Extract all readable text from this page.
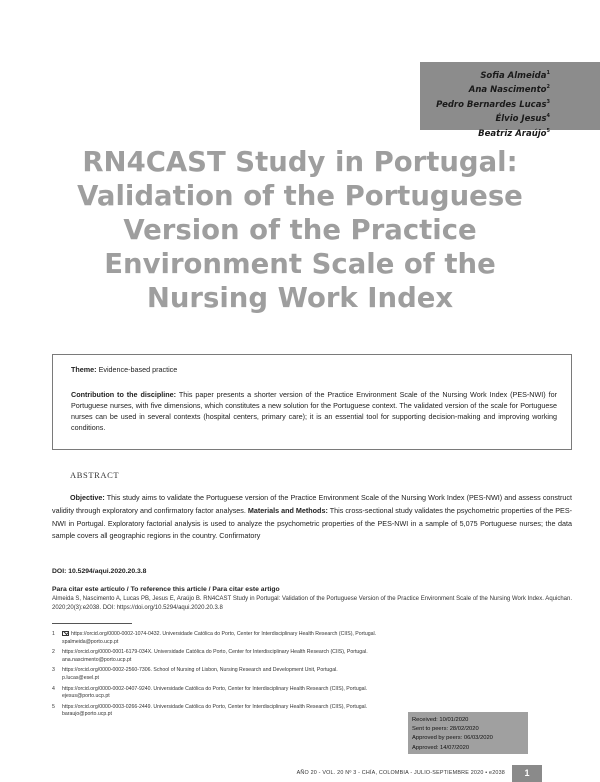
Sofia Almeida$^1$
Ana Nascimento$^2$
Pedro Bernardes Lucas$^3$
Élvio Jesus$^4$
Beatriz Araújo$^5$
RN4CAST Study in Portugal:
Validation of the Portuguese
Version of the Practice
Environment Scale of the
Nursing Work Index
Theme: Evidence-based practice
Contribution to the discipline: This paper presents a shorter version of the Practice Environment Scale of the Nursing Work Index (PES-NWI) for Portuguese nurses, with five dimensions, which constitutes a new solution for the Portuguese context. The validated version of the scale for Portuguese nurses can be used in several contexts (hospital centers, primary care); it is an essential tool for supporting decision-making and improving working conditions.
ABSTRACT
Objective: This study aims to validate the Portuguese version of the Practice Environment Scale of the Nursing Work Index (PES-NWI) and assess construct validity through exploratory and confirmatory factor analyses. Materials and Methods: This cross-sectional study validates the psychometric properties of the PES-NWI in Portugal. Exploratory factorial analysis is used to analyze the psychometric properties of the PES-NWI in a sample of 5,075 Portuguese nurses; the data sample covers all geographic regions in the country. Confirmatory
DOI: 10.5294/aqui.2020.20.3.8
Para citar este artículo / To reference this article / Para citar este artigo
Almeida S, Nascimento A, Lucas PB, Jesus E, Araújo B. RN4CAST Study in Portugal: Validation of the Portuguese Version of the Practice Environment Scale of the Nursing Work Index. Aquichan. 2020;20(3):e2038. DOI: https://doi.org/10.5294/aqui.2020.20.3.8
1	https://orcid.org/0000-0002-1074-0432. Universidade Católica do Porto, Center for Interdisciplinary Health Research (CIIS), Portugal.
spalmeida@porto.ucp.pt
2	https://orcid.org/0000-0001-6179-034X. Universidade Católica do Porto, Center for Interdisciplinary Health Research (CIIS), Portugal.
ana.nascimento@porto.ucp.pt
3	https://orcid.org/0000-0002-2560-7306. School of Nursing of Lisbon, Nursing Research and Development Unit, Portugal.
p.lucas@esel.pt
4	https://orcid.org/0000-0002-0407-9240. Universidade Católica do Porto, Center for Interdisciplinary Health Research (CIIS), Portugal.
ejesus@porto.ucp.pt
5	https://orcid.org/0000-0003-0266-2449. Universidade Católica do Porto, Center for Interdisciplinary Health Research (CIIS), Portugal.
baraujo@porto.ucp.pt
Received: 10/01/2020
Sent to peers: 28/02/2020
Approved by peers: 06/03/2020
Approved: 14/07/2020
AÑO 20 - VOL. 20 Nº 3 - CHÍA, COLOMBIA - JULIO-SEPTIEMBRE 2020 • e2038	1
